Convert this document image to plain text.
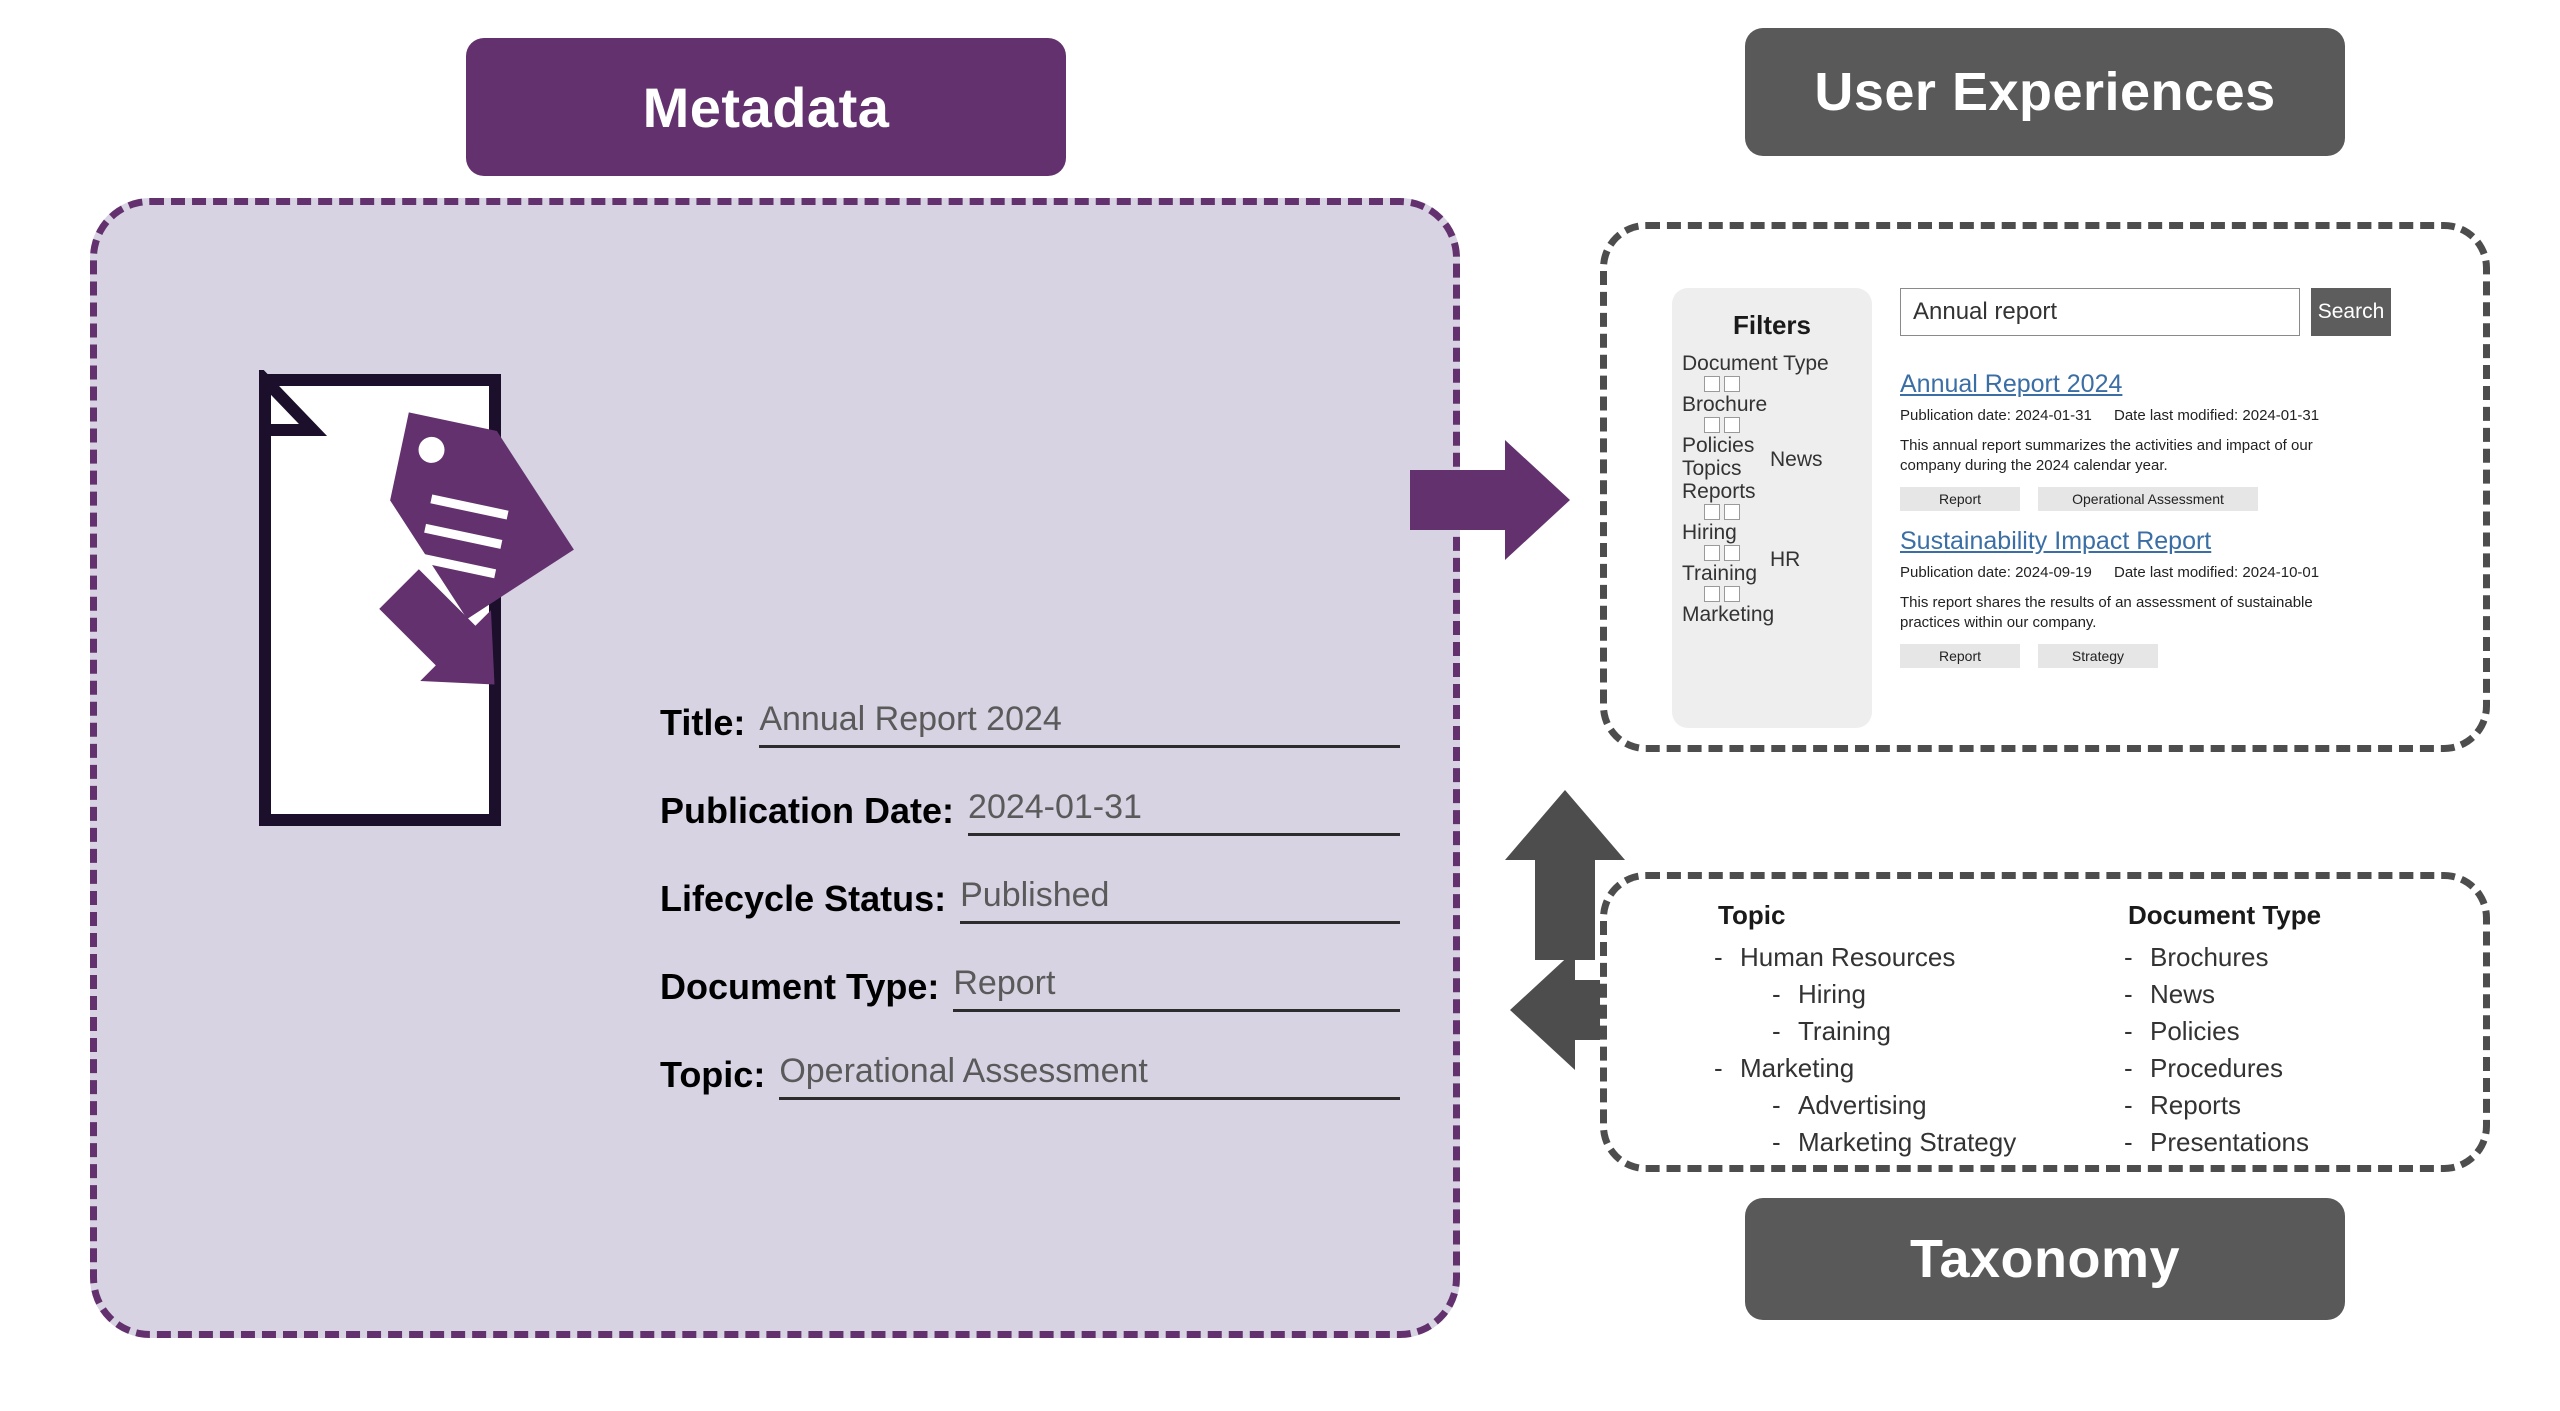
Metadata	User Experiences
Taxonomy
Title: Annual Report 2024
Publication Date: 2024-01-31
Lifecycle Status: Published
Document Type: Report
Topic: Operational Assessment
Filters
Document Type
Brochure
Policies
Topics
Reports
Hiring
Training
Marketing
News
HR
Annual report	Search
Annual Report 2024
Publication date: 2024-01-31 Date last modified: 2024-01-31
This annual report summarizes the activities and impact of our company during the 2024 calendar year.
Report	Operational Assessment
Sustainability Impact Report
Publication date: 2024-09-19 Date last modified: 2024-10-01
This report shares the results of an assessment of sustainable practices within our company.
Report	Strategy
Topic
- Human Resources
- Hiring
- Training
- Marketing
- Advertising
- Marketing Strategy
Document Type
- Brochures
- News
- Policies
- Procedures
- Reports
- Presentations
